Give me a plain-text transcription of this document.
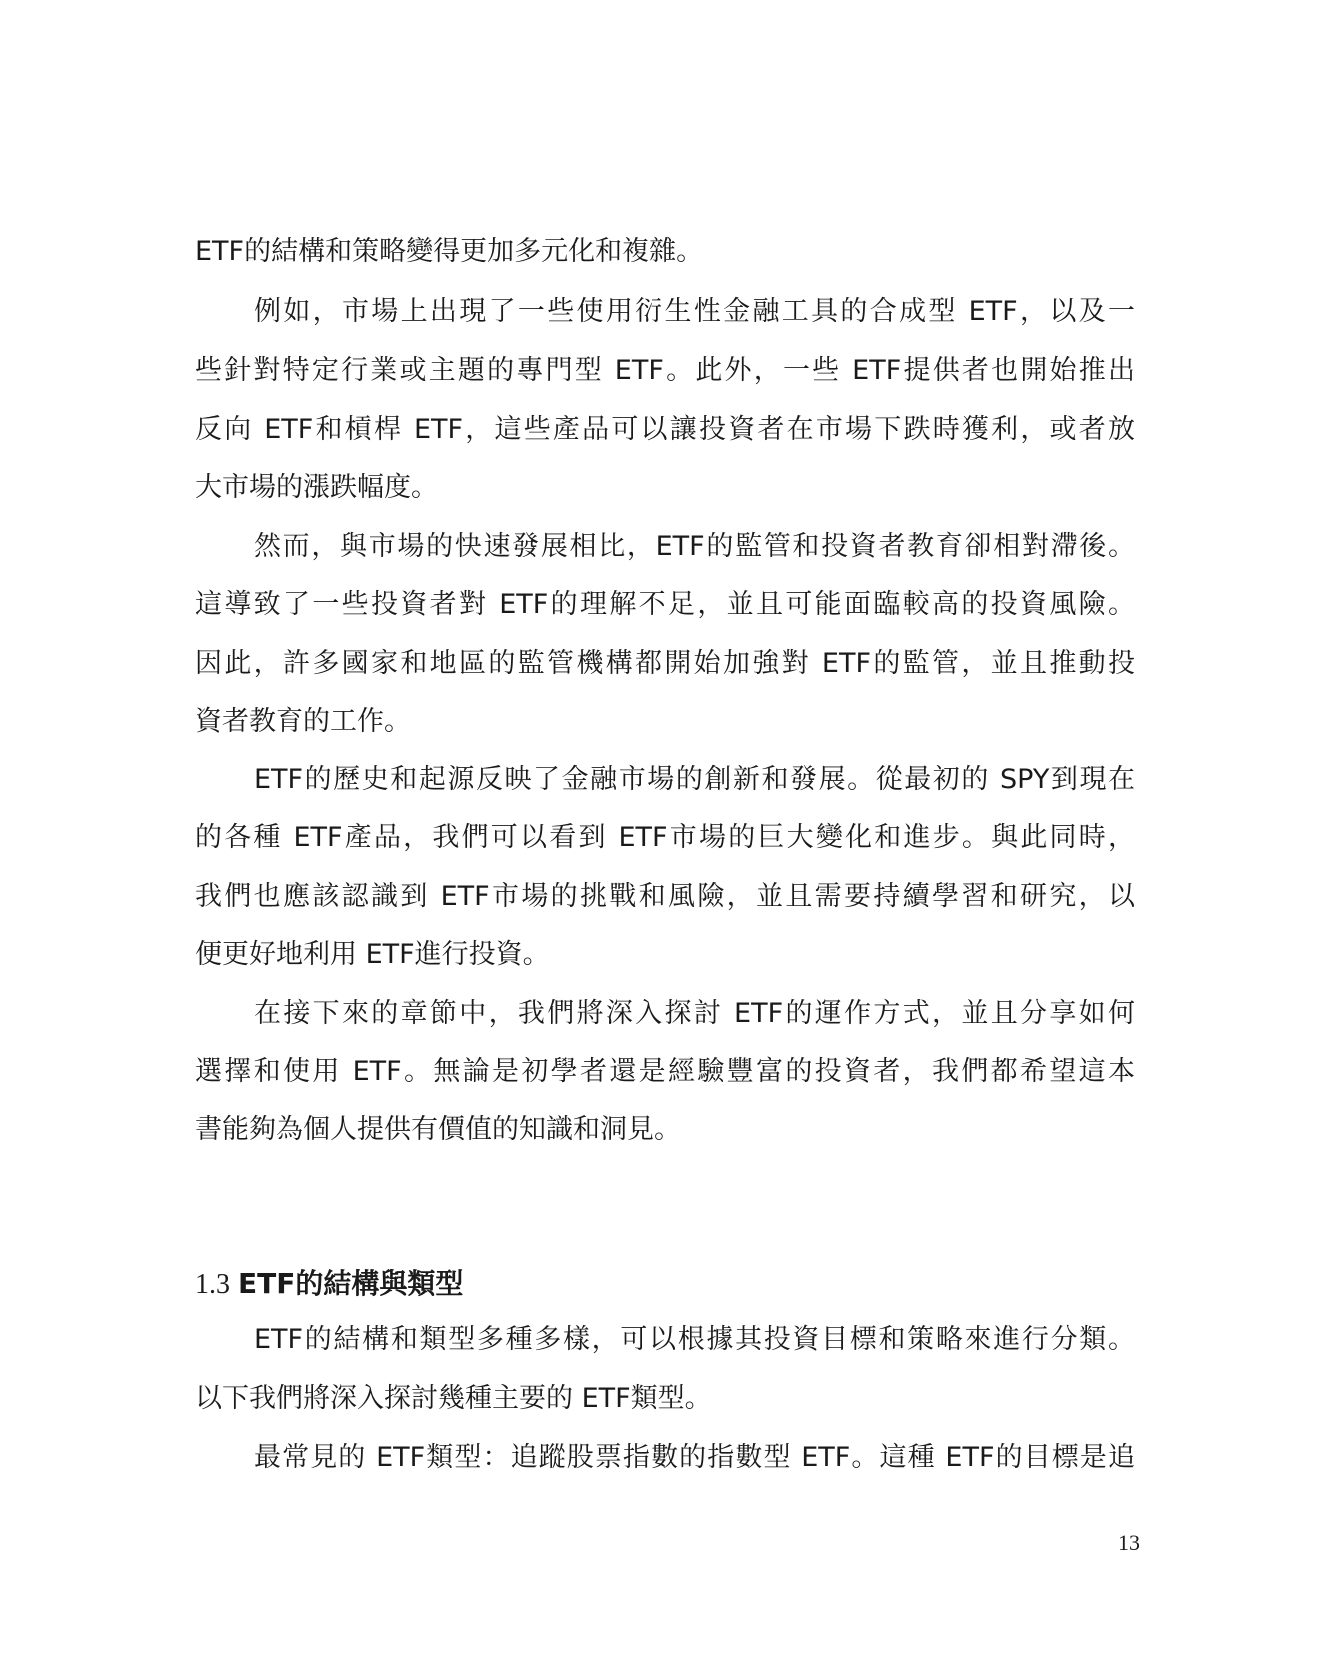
ETF的結構和策略變得更加多元化和複雜。
例如，市場上出現了一些使用衍生性金融工具的合成型 ETF，以及一
些針對特定行業或主題的專門型 ETF。此外，一些 ETF提供者也開始推出
反向 ETF和槓桿 ETF，這些產品可以讓投資者在市場下跌時獲利，或者放
大市場的漲跌幅度。
然而，與市場的快速發展相比，ETF的監管和投資者教育卻相對滯後。
這導致了一些投資者對 ETF的理解不足，並且可能面臨較高的投資風險。
因此，許多國家和地區的監管機構都開始加強對 ETF的監管，並且推動投
資者教育的工作。
ETF的歷史和起源反映了金融市場的創新和發展。從最初的 SPY到現在
的各種 ETF產品，我們可以看到 ETF市場的巨大變化和進步。與此同時，
我們也應該認識到 ETF市場的挑戰和風險，並且需要持續學習和研究，以
便更好地利用 ETF進行投資。
在接下來的章節中，我們將深入探討 ETF的運作方式，並且分享如何
選擇和使用 ETF。無論是初學者還是經驗豐富的投資者，我們都希望這本
書能夠為個人提供有價值的知識和洞見。
1.3 ETF的結構與類型
ETF的結構和類型多種多樣，可以根據其投資目標和策略來進行分類。
以下我們將深入探討幾種主要的 ETF類型。
最常見的 ETF類型：追蹤股票指數的指數型 ETF。這種 ETF的目標是追
13
